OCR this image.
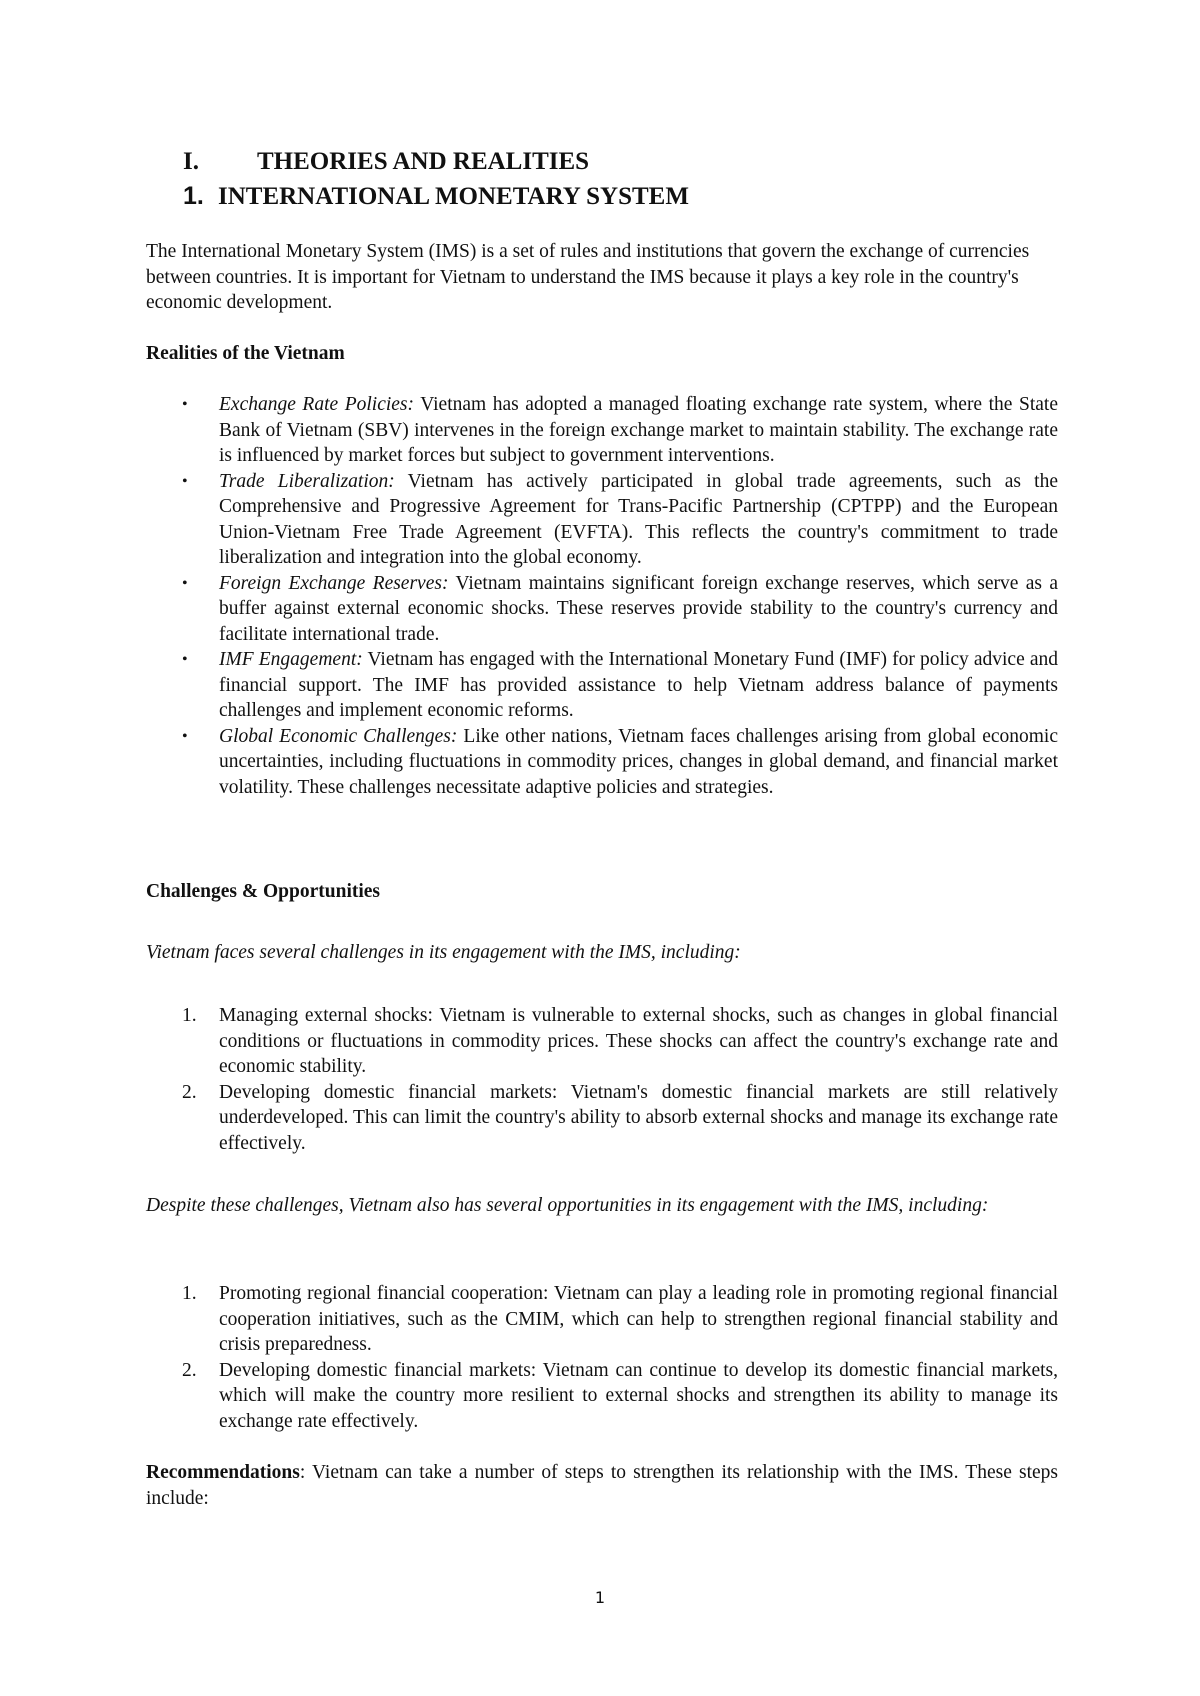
I. THEORIES AND REALITIES
1. INTERNATIONAL MONETARY SYSTEM
The International Monetary System (IMS) is a set of rules and institutions that govern the exchange of currencies between countries. It is important for Vietnam to understand the IMS because it plays a key role in the country's economic development.
Realities of the Vietnam
• Exchange Rate Policies: Vietnam has adopted a managed floating exchange rate system, where the State Bank of Vietnam (SBV) intervenes in the foreign exchange market to maintain stability. The exchange rate is influenced by market forces but subject to government interventions.
• Trade Liberalization: Vietnam has actively participated in global trade agreements, such as the Comprehensive and Progressive Agreement for Trans-Pacific Partnership (CPTPP) and the European Union-Vietnam Free Trade Agreement (EVFTA). This reflects the country's commitment to trade liberalization and integration into the global economy.
• Foreign Exchange Reserves: Vietnam maintains significant foreign exchange reserves, which serve as a buffer against external economic shocks. These reserves provide stability to the country's currency and facilitate international trade.
• IMF Engagement: Vietnam has engaged with the International Monetary Fund (IMF) for policy advice and financial support. The IMF has provided assistance to help Vietnam address balance of payments challenges and implement economic reforms.
• Global Economic Challenges: Like other nations, Vietnam faces challenges arising from global economic uncertainties, including fluctuations in commodity prices, changes in global demand, and financial market volatility. These challenges necessitate adaptive policies and strategies.
Challenges & Opportunities
Vietnam faces several challenges in its engagement with the IMS, including:
1. Managing external shocks: Vietnam is vulnerable to external shocks, such as changes in global financial conditions or fluctuations in commodity prices. These shocks can affect the country's exchange rate and economic stability.
2. Developing domestic financial markets: Vietnam's domestic financial markets are still relatively underdeveloped. This can limit the country's ability to absorb external shocks and manage its exchange rate effectively.
Despite these challenges, Vietnam also has several opportunities in its engagement with the IMS, including:
1. Promoting regional financial cooperation: Vietnam can play a leading role in promoting regional financial cooperation initiatives, such as the CMIM, which can help to strengthen regional financial stability and crisis preparedness.
2. Developing domestic financial markets: Vietnam can continue to develop its domestic financial markets, which will make the country more resilient to external shocks and strengthen its ability to manage its exchange rate effectively.
Recommendations: Vietnam can take a number of steps to strengthen its relationship with the IMS. These steps include:
1
